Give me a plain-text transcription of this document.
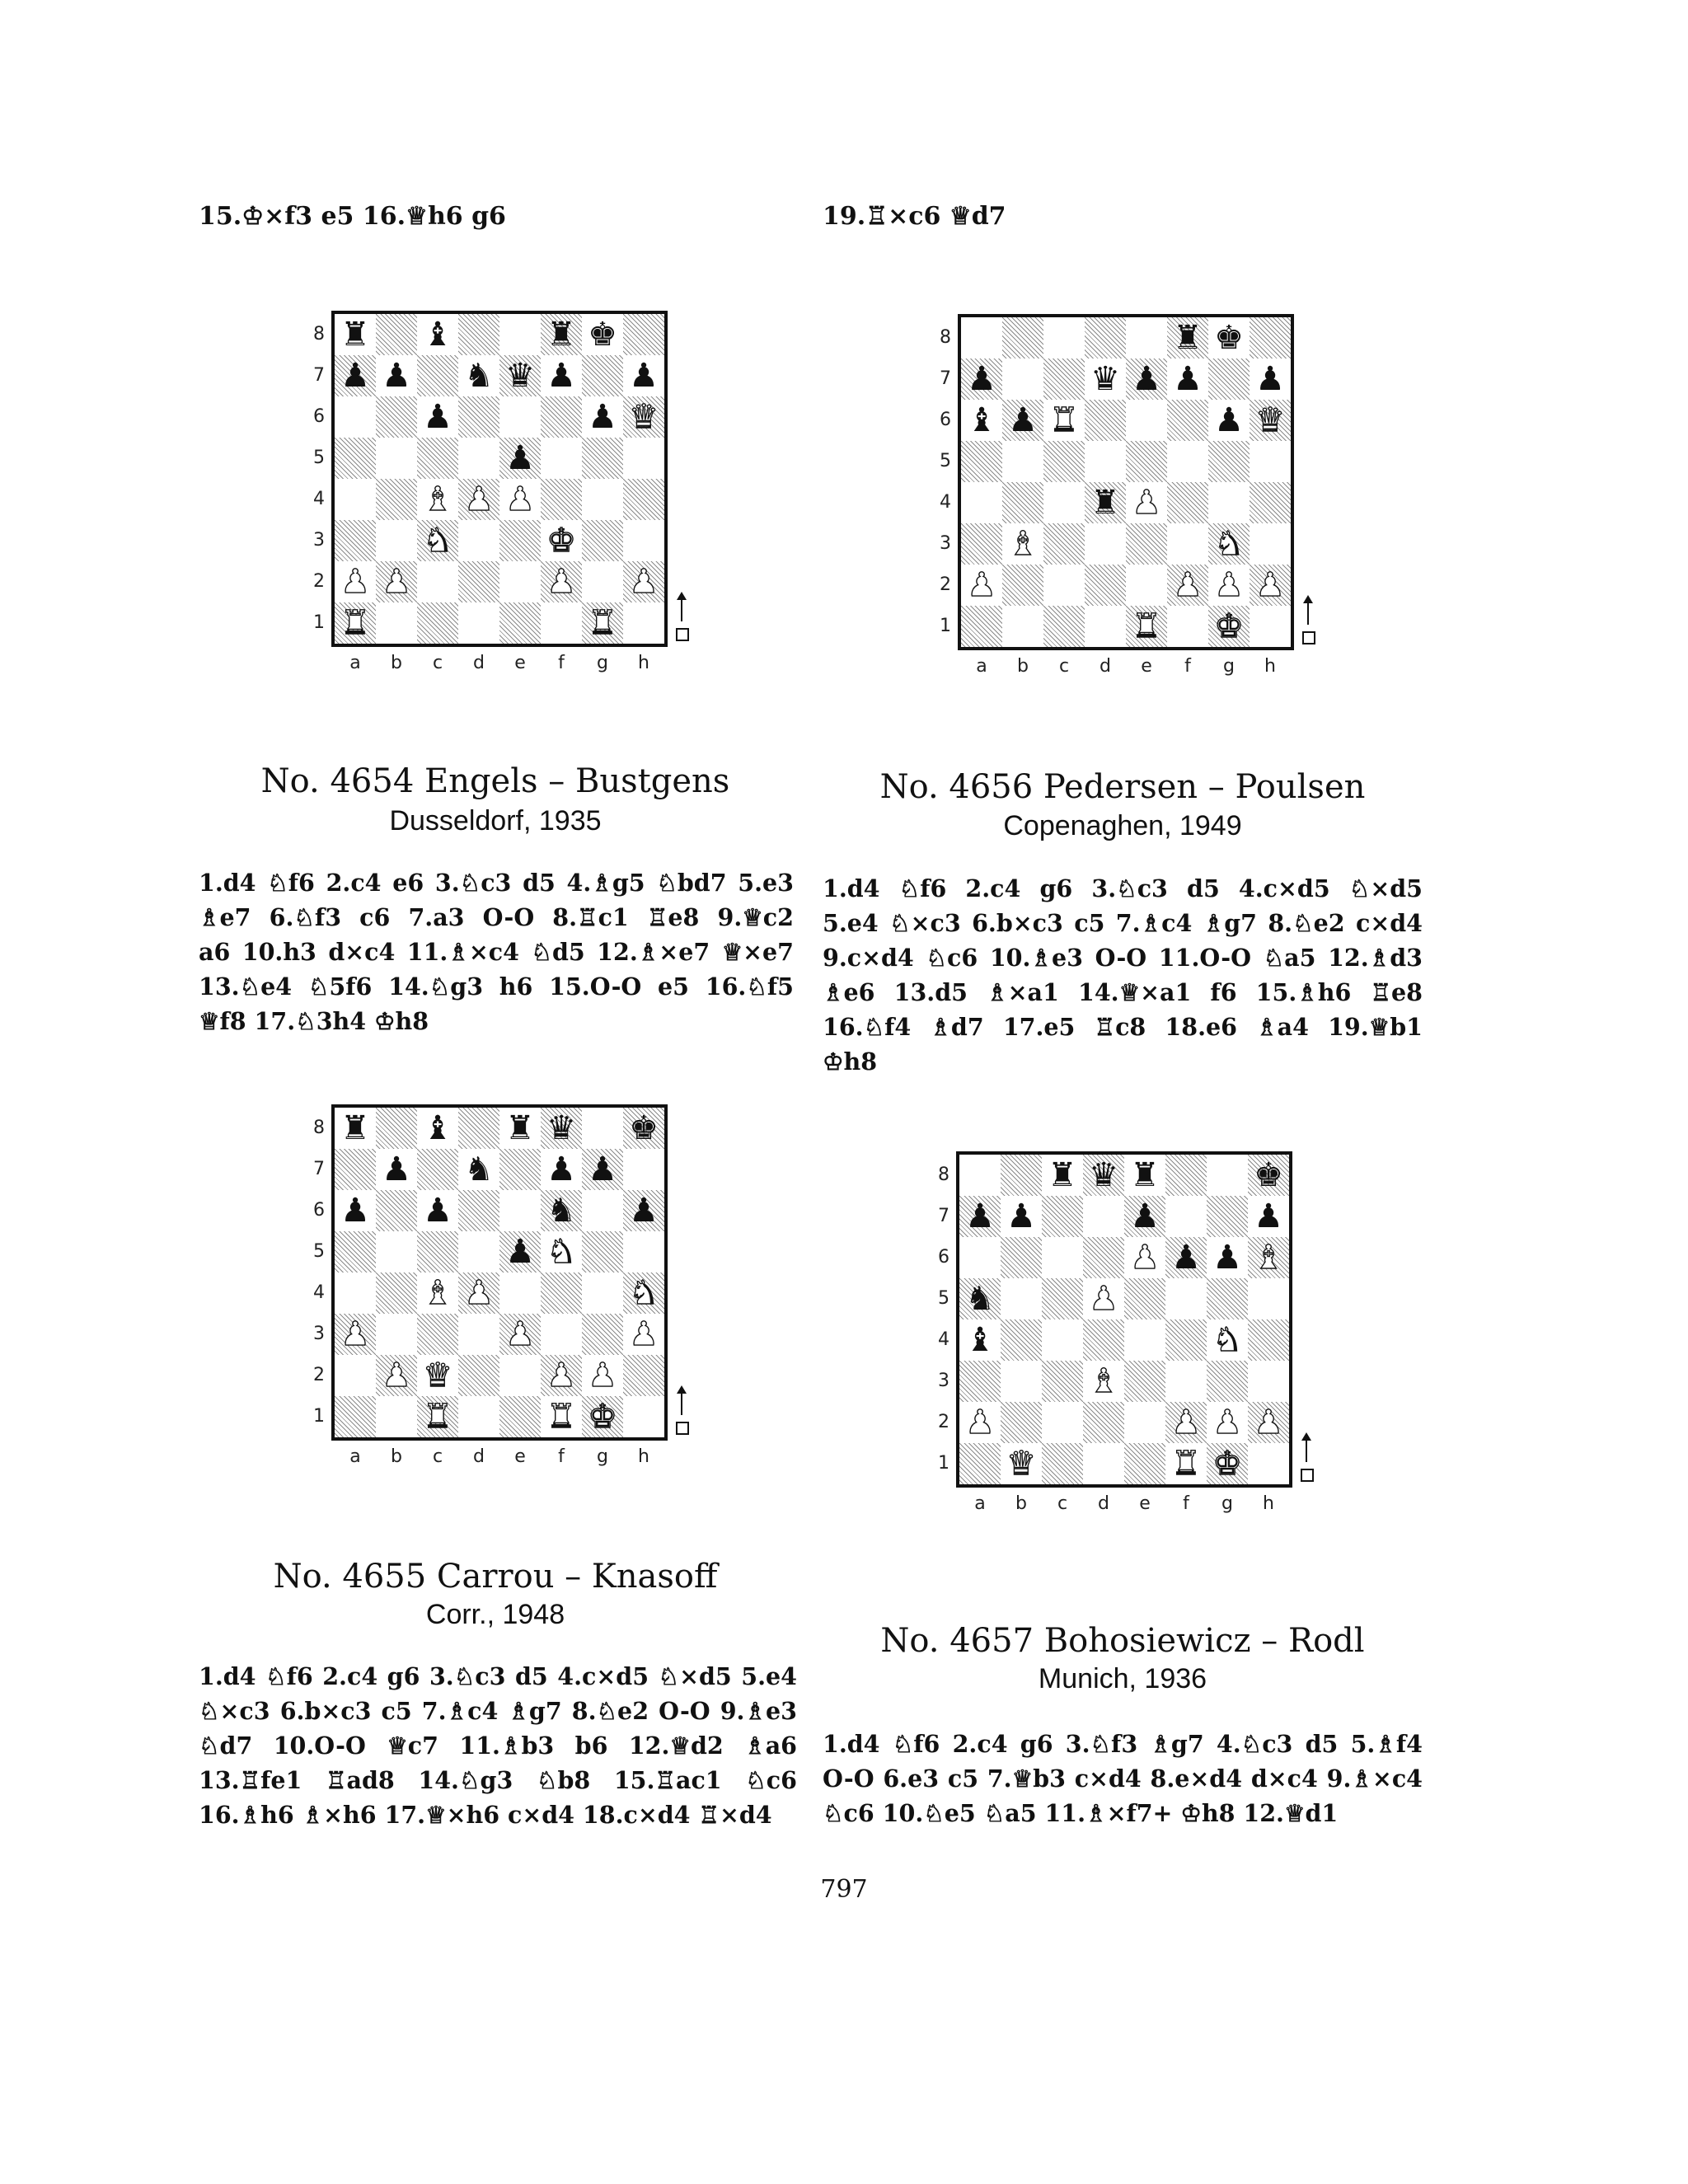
15.♔×f3 e5 16.♕h6 g6	19.♖×c6 ♕d7
♜ ♝	♜ ♚
♟ ♟ ♞ ♛ ♟ ♟
♟	♟ ♛
♟
♝ ♟ ♟
♞	♚
♟ ♟	♟ ♟
♜	♜
♜ ♚
♟	♛ ♟ ♟ ♟
♝ ♟ ♜	♟ ♛
♜ ♟
♝	♞
♟	♟ ♟ ♟
♜ ♚
♜ ♝ ♜ ♛ ♚
♟ ♞ ♟ ♟
♟ ♟	♞ ♟
♟ ♞
♝ ♟	♞
♟	♟	♟
♟ ♛	♟ ♟
♜	♜ ♚
♜ ♛ ♜	♚
♟ ♟	♟	♟
♟ ♟ ♟ ♝
♞	♟
♝	♞
♝
♟	♟ ♟ ♟
♛	♜ ♚
No. 4654 Engels – Bustgens
Dusseldorf, 1935
1.d4 ♘f6 2.c4 e6 3.♘c3 d5 4.♗g5 ♘bd7 5.e3
♗e7 6.♘f3 c6 7.a3 O-O 8.♖c1 ♖e8 9.♕c2
a6 10.h3 d×c4 11.♗×c4 ♘d5 12.♗×e7 ♕×e7
13.♘e4 ♘5f6 14.♘g3 h6 15.O-O e5 16.♘f5
♕f8 17.♘3h4 ♔h8
No. 4656 Pedersen – Poulsen
Copenaghen, 1949
1.d4 ♘f6 2.c4 g6 3.♘c3 d5 4.c×d5 ♘×d5
5.e4 ♘×c3 6.b×c3 c5 7.♗c4 ♗g7 8.♘e2 c×d4
9.c×d4 ♘c6 10.♗e3 O-O 11.O-O ♘a5 12.♗d3
♗e6 13.d5 ♗×a1 14.♕×a1 f6 15.♗h6 ♖e8
16.♘f4 ♗d7 17.e5 ♖c8 18.e6 ♗a4 19.♕b1
♔h8
No. 4655 Carrou – Knasoff
Corr., 1948
1.d4 ♘f6 2.c4 g6 3.♘c3 d5 4.c×d5 ♘×d5 5.e4
♘×c3 6.b×c3 c5 7.♗c4 ♗g7 8.♘e2 O-O 9.♗e3
♘d7 10.O-O ♕c7 11.♗b3 b6 12.♕d2 ♗a6
13.♖fe1 ♖ad8 14.♘g3 ♘b8 15.♖ac1 ♘c6
16.♗h6 ♗×h6 17.♕×h6 c×d4 18.c×d4 ♖×d4
No. 4657 Bohosiewicz – Rodl
Munich, 1936
1.d4 ♘f6 2.c4 g6 3.♘f3 ♗g7 4.♘c3 d5 5.♗f4
O-O 6.e3 c5 7.♕b3 c×d4 8.e×d4 d×c4 9.♗×c4
♘c6 10.♘e5 ♘a5 11.♗×f7+ ♔h8 12.♕d1
797
8
7
6
5
4
3
2
1
a	b	c	d	e	f	g	h
8
7
6
5
4
3
2
1
a	b	c	d	e	f	g	h
8
7
6
5
4
3
2
1
a	b	c	d	e	f	g	h
8
7
6
5
4
3
2
1
a	b	c	d	e	f	g	h
